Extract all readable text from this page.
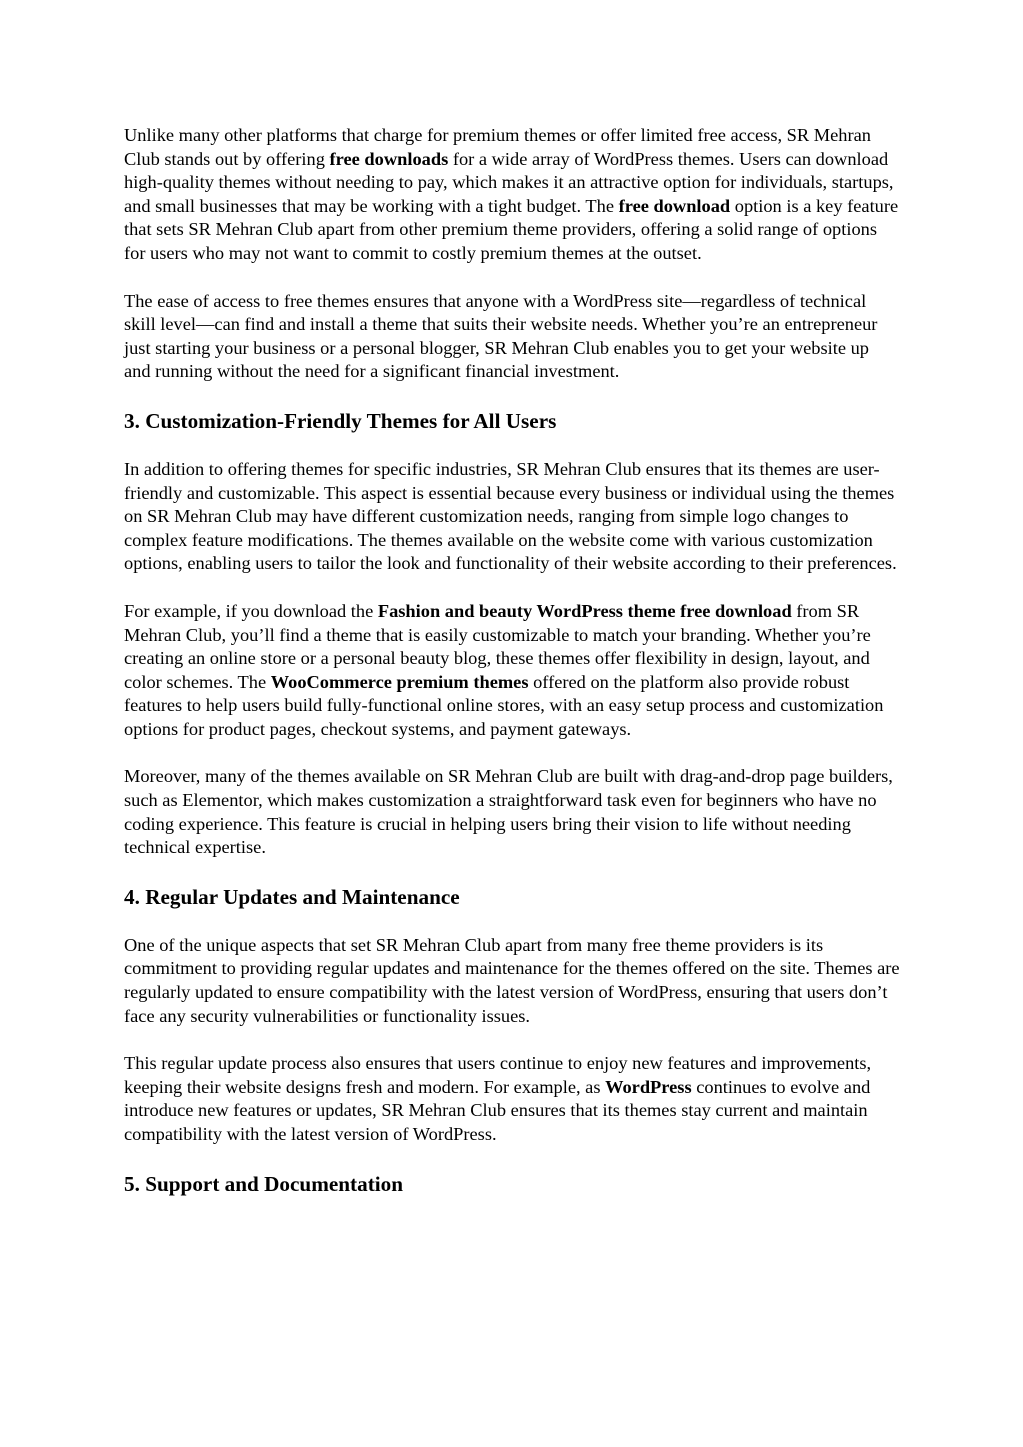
Unlike many other platforms that charge for premium themes or offer limited free access, SR Mehran Club stands out by offering free downloads for a wide array of WordPress themes. Users can download high-quality themes without needing to pay, which makes it an attractive option for individuals, startups, and small businesses that may be working with a tight budget. The free download option is a key feature that sets SR Mehran Club apart from other premium theme providers, offering a solid range of options for users who may not want to commit to costly premium themes at the outset.

The ease of access to free themes ensures that anyone with a WordPress site—regardless of technical skill level—can find and install a theme that suits their website needs. Whether you’re an entrepreneur just starting your business or a personal blogger, SR Mehran Club enables you to get your website up and running without the need for a significant financial investment.

3. Customization-Friendly Themes for All Users

In addition to offering themes for specific industries, SR Mehran Club ensures that its themes are user-friendly and customizable. This aspect is essential because every business or individual using the themes on SR Mehran Club may have different customization needs, ranging from simple logo changes to complex feature modifications. The themes available on the website come with various customization options, enabling users to tailor the look and functionality of their website according to their preferences.

For example, if you download the Fashion and beauty WordPress theme free download from SR Mehran Club, you’ll find a theme that is easily customizable to match your branding. Whether you’re creating an online store or a personal beauty blog, these themes offer flexibility in design, layout, and color schemes. The WooCommerce premium themes offered on the platform also provide robust features to help users build fully-functional online stores, with an easy setup process and customization options for product pages, checkout systems, and payment gateways.

Moreover, many of the themes available on SR Mehran Club are built with drag-and-drop page builders, such as Elementor, which makes customization a straightforward task even for beginners who have no coding experience. This feature is crucial in helping users bring their vision to life without needing technical expertise.

4. Regular Updates and Maintenance

One of the unique aspects that set SR Mehran Club apart from many free theme providers is its commitment to providing regular updates and maintenance for the themes offered on the site. Themes are regularly updated to ensure compatibility with the latest version of WordPress, ensuring that users don’t face any security vulnerabilities or functionality issues.

This regular update process also ensures that users continue to enjoy new features and improvements, keeping their website designs fresh and modern. For example, as WordPress continues to evolve and introduce new features or updates, SR Mehran Club ensures that its themes stay current and maintain compatibility with the latest version of WordPress.

5. Support and Documentation
